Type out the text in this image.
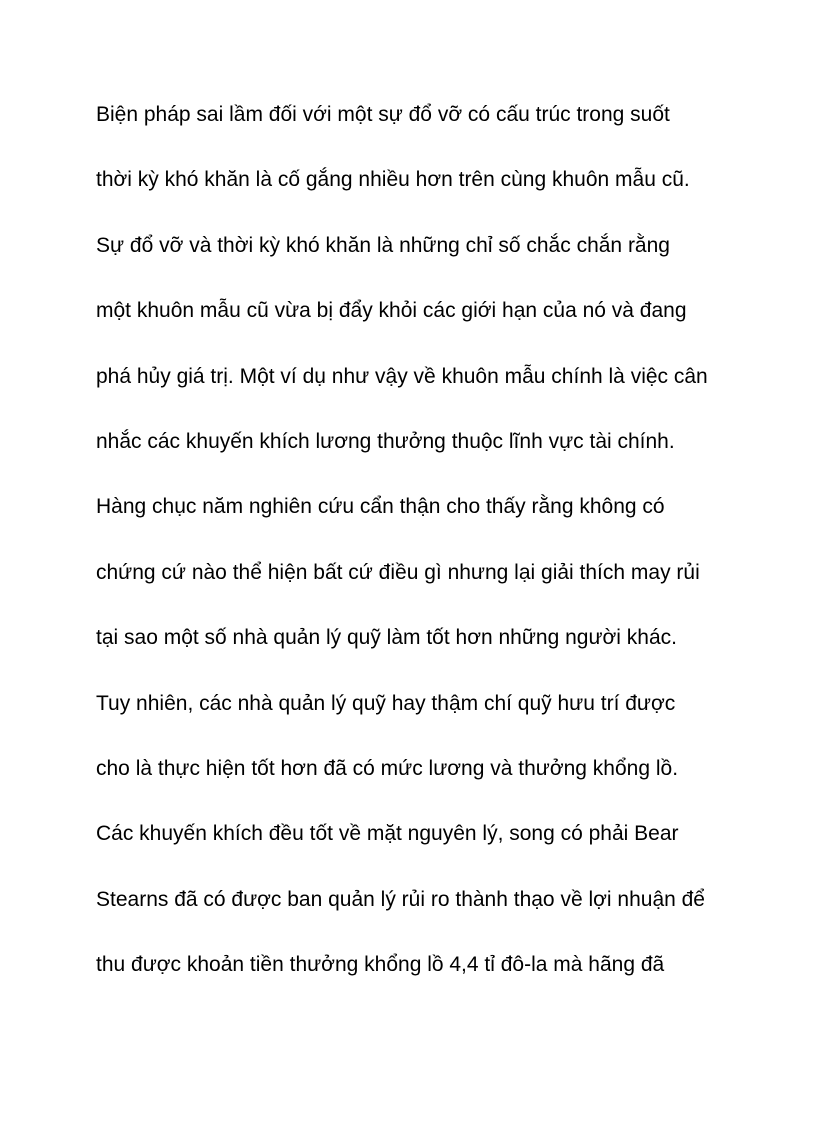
Biện pháp sai lầm đối với một sự đổ vỡ có cấu trúc trong suốt
thời kỳ khó khăn là cố gắng nhiều hơn trên cùng khuôn mẫu cũ.
Sự đổ vỡ và thời kỳ khó khăn là những chỉ số chắc chắn rằng
một khuôn mẫu cũ vừa bị đẩy khỏi các giới hạn của nó và đang
phá hủy giá trị. Một ví dụ như vậy về khuôn mẫu chính là việc cân
nhắc các khuyến khích lương thưởng thuộc lĩnh vực tài chính.
Hàng chục năm nghiên cứu cẩn thận cho thấy rằng không có
chứng cứ nào thể hiện bất cứ điều gì nhưng lại giải thích may rủi
tại sao một số nhà quản lý quỹ làm tốt hơn những người khác.
Tuy nhiên, các nhà quản lý quỹ hay thậm chí quỹ hưu trí được
cho là thực hiện tốt hơn đã có mức lương và thưởng khổng lồ.
Các khuyến khích đều tốt về mặt nguyên lý, song có phải Bear
Stearns đã có được ban quản lý rủi ro thành thạo về lợi nhuận để
thu được khoản tiền thưởng khổng lồ 4,4 tỉ đô-la mà hãng đã
